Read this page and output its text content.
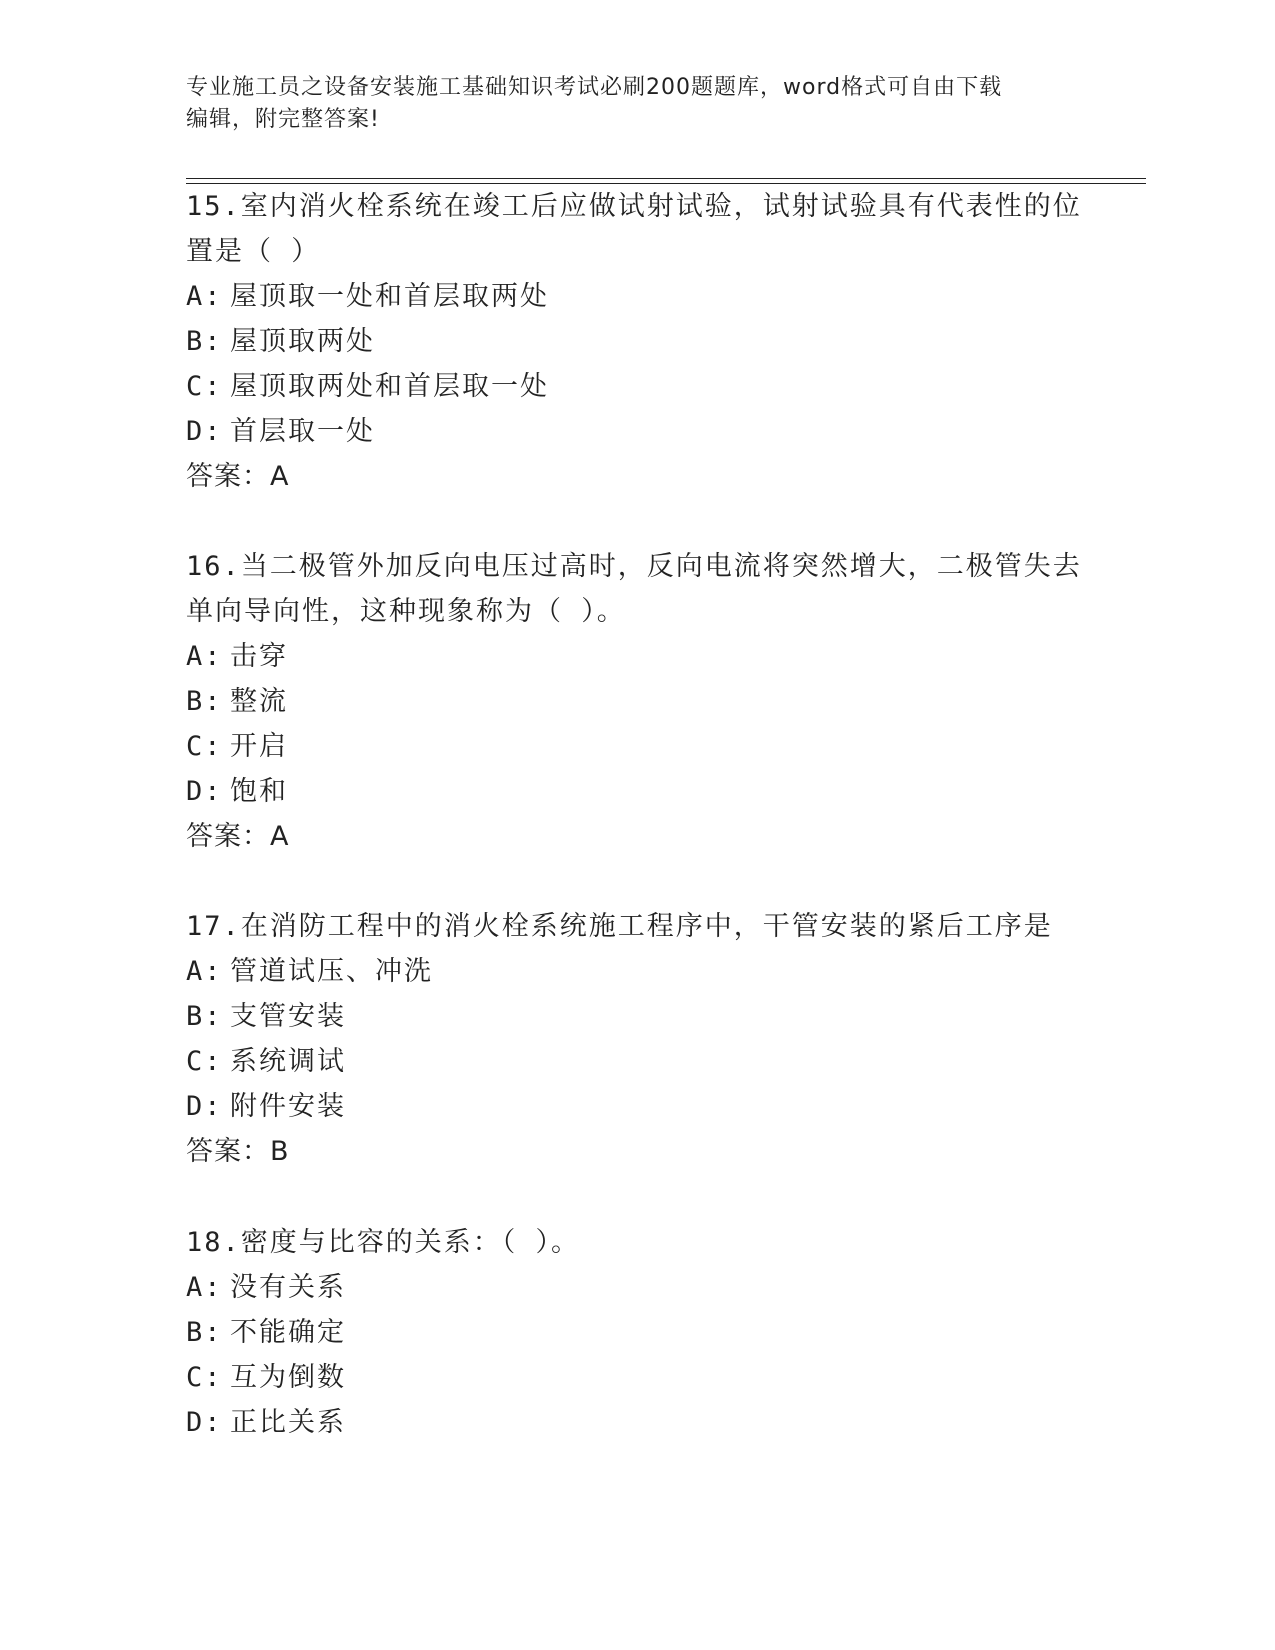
专业施工员之设备安装施工基础知识考试必刷200题题库，word格式可自由下载
编辑，附完整答案!

15.室内消火栓系统在竣工后应做试射试验，试射试验具有代表性的位

置是（ ）

A: 屋顶取一处和首层取两处

B: 屋顶取两处

C: 屋顶取两处和首层取一处

D: 首层取一处

答案：A

16.当二极管外加反向电压过高时，反向电流将突然增大，二极管失去

单向导向性，这种现象称为（ ）。

A: 击穿

B: 整流

C: 开启

D: 饱和

答案：A

17.在消防工程中的消火栓系统施工程序中，干管安装的紧后工序是

A: 管道试压、冲洗

B: 支管安装

C: 系统调试

D: 附件安装

答案：B

18.密度与比容的关系：（ ）。

A: 没有关系

B: 不能确定

C: 互为倒数

D: 正比关系
